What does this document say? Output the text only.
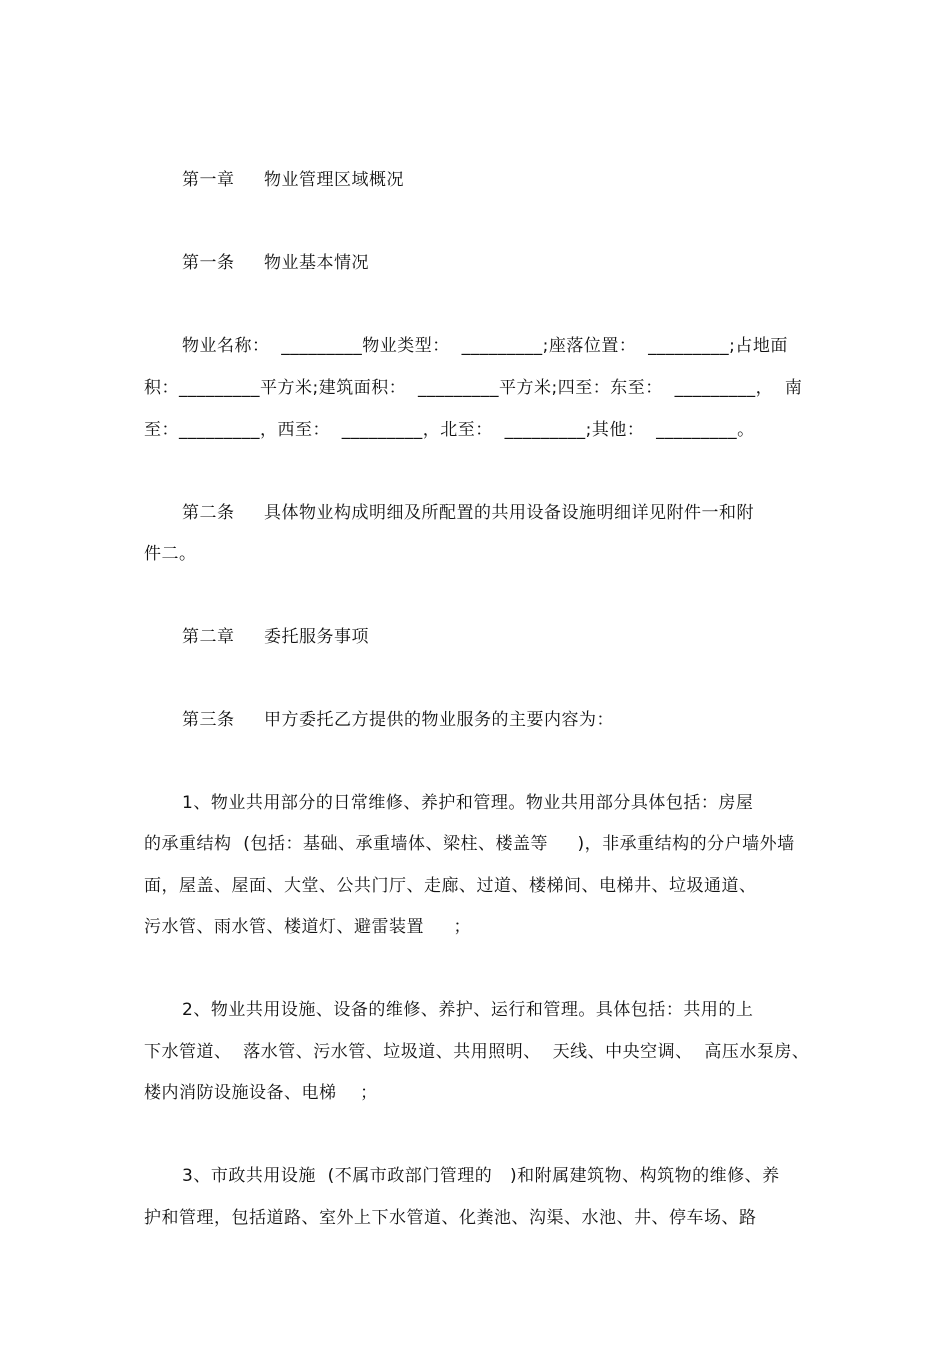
第一章     物业管理区域概况
第一条     物业基本情况
物业名称：  _________物业类型：  _________;座落位置：  _________;占地面
积：_________平方米;建筑面积：  _________平方米;四至：东至：  _________，  南
至：_________，西至：  _________，北至：  _________;其他：  _________。
第二条     具体物业构成明细及所配置的共用设备设施明细详见附件一和附
件二。
第二章     委托服务事项
第三条     甲方委托乙方提供的物业服务的主要内容为：
1、物业共用部分的日常维修、养护和管理。物业共用部分具体包括：房屋
的承重结构  (包括：基础、承重墙体、梁柱、楼盖等     )，非承重结构的分户墙外墙
面，屋盖、屋面、大堂、公共门厅、走廊、过道、楼梯间、电梯井、垃圾通道、
污水管、雨水管、楼道灯、避雷装置     ；
2、物业共用设施、设备的维修、养护、运行和管理。具体包括：共用的上
下水管道、  落水管、污水管、垃圾道、共用照明、  天线、中央空调、  高压水泵房、
楼内消防设施设备、电梯    ；
3、市政共用设施  (不属市政部门管理的   )和附属建筑物、构筑物的维修、养
护和管理，包括道路、室外上下水管道、化粪池、沟渠、水池、井、停车场、路
